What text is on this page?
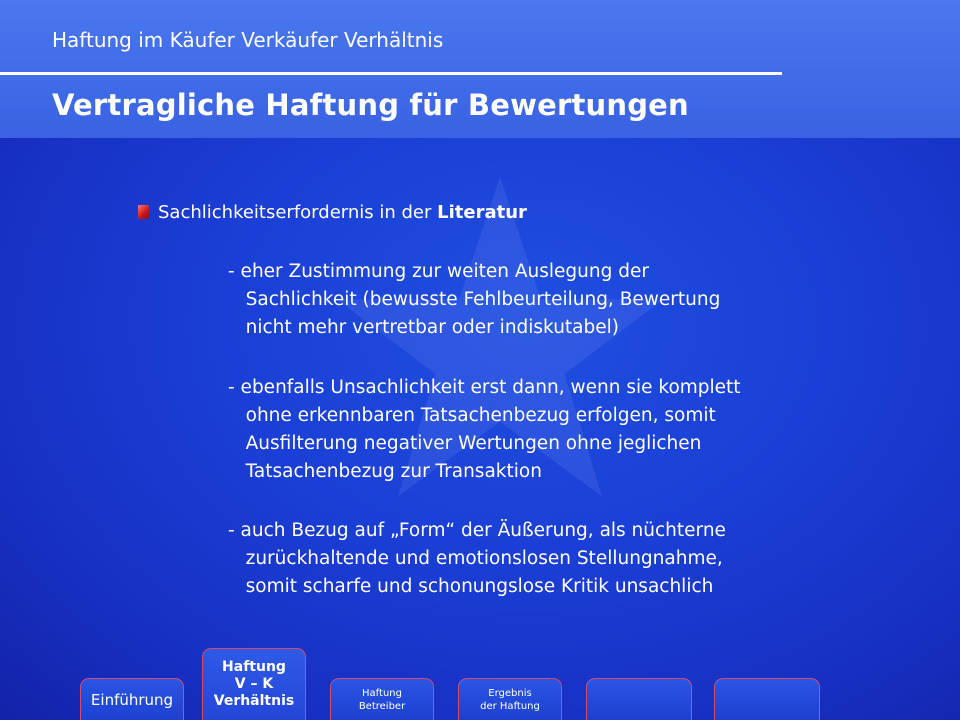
Haftung im Käufer Verkäufer Verhältnis
Vertragliche Haftung für Bewertungen
Sachlichkeitserfordernis in der Literatur
- eher Zustimmung zur weiten Auslegung der
Sachlichkeit (bewusste Fehlbeurteilung, Bewertung
nicht mehr vertretbar oder indiskutabel)
- ebenfalls Unsachlichkeit erst dann, wenn sie komplett
ohne erkennbaren Tatsachenbezug erfolgen, somit
Ausfilterung negativer Wertungen ohne jeglichen
Tatsachenbezug zur Transaktion
- auch Bezug auf „Form“ der Äußerung, als nüchterne
zurückhaltende und emotionslosen Stellungnahme,
somit scharfe und schonungslose Kritik unsachlich
Einführung
Haftung
V – K
Verhältnis	Haftung
Betreiber
Ergebnis
der Haftung
